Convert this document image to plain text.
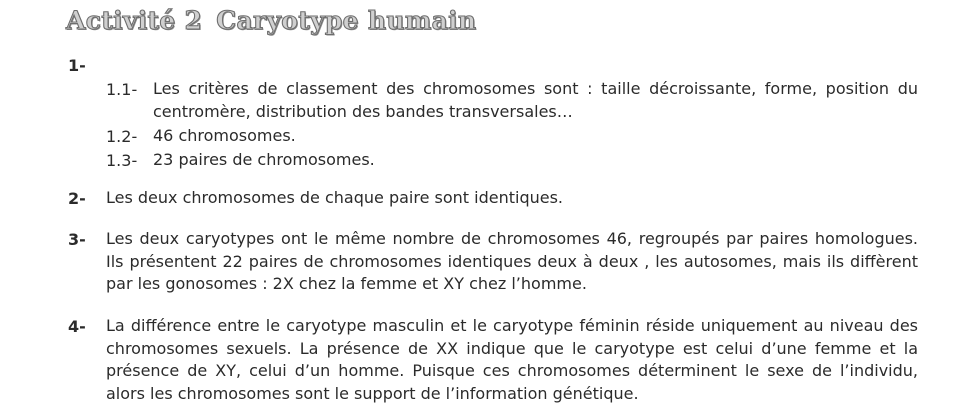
Activité 2 Caryotype humain
1-
1.1- Les critères de classement des chromosomes sont : taille décroissante, forme, position du centromère, distribution des bandes transversales…
1.2- 46 chromosomes.
1.3- 23 paires de chromosomes.
2- Les deux chromosomes de chaque paire sont identiques.
3- Les deux caryotypes ont le même nombre de chromosomes 46, regroupés par paires homologues. Ils présentent 22 paires de chromosomes identiques deux à deux , les autosomes, mais ils diffèrent par les gonosomes : 2X chez la femme et XY chez l’homme.
4- La différence entre le caryotype masculin et le caryotype féminin réside uniquement au niveau des chromosomes sexuels. La présence de XX indique que le caryotype est celui d’une femme et la présence de XY, celui d’un homme. Puisque ces chromosomes déterminent le sexe de l’individu, alors les chromosomes sont le support de l’information génétique.
